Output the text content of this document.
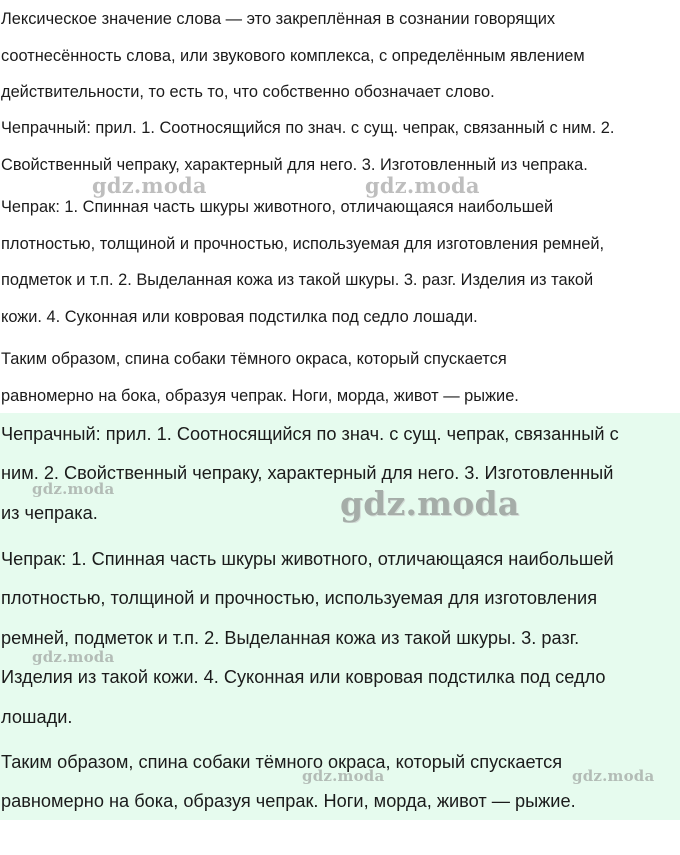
Лексическое значение слова — это закреплённая в сознании говорящих
соотнесённость слова, или звукового комплекса, с определённым явлением
действительности, то есть то, что собственно обозначает слово.

Чепрачный: прил. 1. Соотносящийся по знач. с сущ. чепрак, связанный с ним. 2.
Свойственный чепраку, характерный для него. 3. Изготовленный из чепрака.

Чепрак: 1. Спинная часть шкуры животного, отличающаяся наибольшей
плотностью, толщиной и прочностью, используемая для изготовления ремней,
подметок и т.п. 2. Выделанная кожа из такой шкуры. 3. разг. Изделия из такой
кожи. 4. Суконная или ковровая подстилка под седло лошади.

Таким образом, спина собаки тёмного окраса, который спускается
равномерно на бока, образуя чепрак. Ноги, морда, живот — рыжие.

Чепрачный: прил. 1. Соотносящийся по знач. с сущ. чепрак, связанный с
ним. 2. Свойственный чепраку, характерный для него. 3. Изготовленный
из чепрака.

Чепрак: 1. Спинная часть шкуры животного, отличающаяся наибольшей
плотностью, толщиной и прочностью, используемая для изготовления
ремней, подметок и т.п. 2. Выделанная кожа из такой шкуры. 3. разг.
Изделия из такой кожи. 4. Суконная или ковровая подстилка под седло
лошади.

Таким образом, спина собаки тёмного окраса, который спускается
равномерно на бока, образуя чепрак. Ноги, морда, живот — рыжие.

gdz.moda	gdz.moda
gdz.moda	gdz.moda
gdz.moda
gdz.moda	gdz.moda
